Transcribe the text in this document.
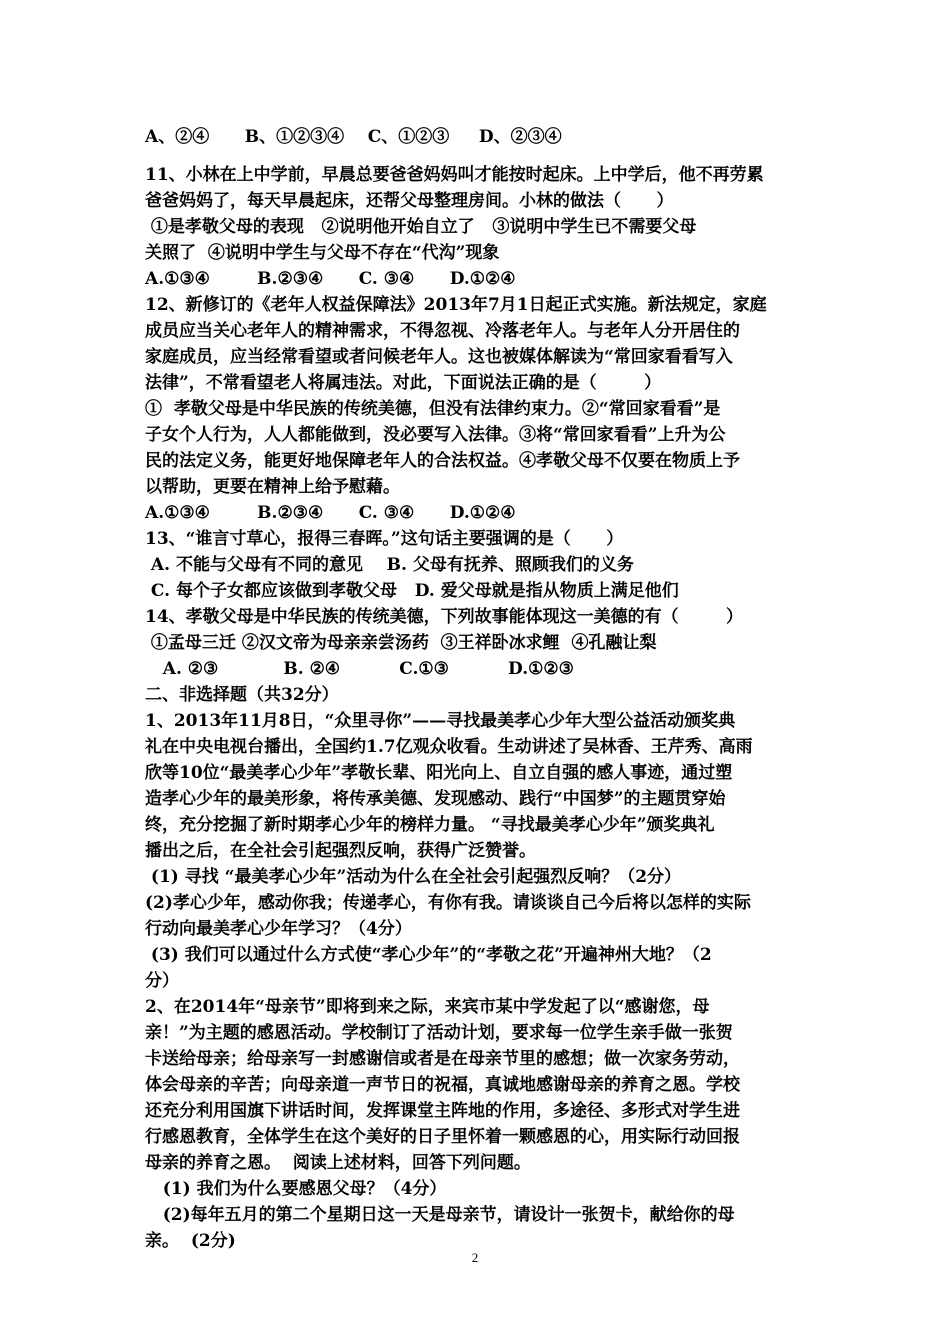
A、②④      B、①②③④    C、①②③     D、②③④
11、小林在上中学前，早晨总要爸爸妈妈叫才能按时起床。上中学后，他不再劳累
爸爸妈妈了，每天早晨起床，还帮父母整理房间。小林的做法（      ）
①是孝敬父母的表现   ②说明他开始自立了   ③说明中学生已不需要父母
关照了  ④说明中学生与父母不存在“代沟”现象
A.①③④        B.②③④      C. ③④      D.①②④
12、新修订的《老年人权益保障法》2013年7月1日起正式实施。新法规定，家庭
成员应当关心老年人的精神需求，不得忽视、冷落老年人。与老年人分开居住的
家庭成员，应当经常看望或者问候老年人。这也被媒体解读为“常回家看看写入
法律”，不常看望老人将属违法。对此，下面说法正确的是（        ）
①  孝敬父母是中华民族的传统美德，但没有法律约束力。②“常回家看看”是
子女个人行为，人人都能做到，没必要写入法律。③将“常回家看看”上升为公
民的法定义务，能更好地保障老年人的合法权益。④孝敬父母不仅要在物质上予
以帮助，更要在精神上给予慰藉。
A.①③④        B.②③④      C. ③④      D.①②④
13、“谁言寸草心，报得三春晖。”这句话主要强调的是（      ）
A. 不能与父母有不同的意见    B. 父母有抚养、照顾我们的义务
C. 每个子女都应该做到孝敬父母   D. 爱父母就是指从物质上满足他们
14、孝敬父母是中华民族的传统美德，下列故事能体现这一美德的有（        ）
①孟母三迁 ②汉文帝为母亲亲尝汤药  ③王祥卧冰求鲤  ④孔融让梨
A. ②③           B. ②④          C.①③          D.①②③
二、非选择题（共32分）
1、2013年11月8日，“众里寻你”——寻找最美孝心少年大型公益活动颁奖典
礼在中央电视台播出，全国约1.7亿观众收看。生动讲述了吴林香、王芹秀、高雨
欣等10位“最美孝心少年”孝敬长辈、阳光向上、自立自强的感人事迹，通过塑
造孝心少年的最美形象，将传承美德、发现感动、践行“中国梦”的主题贯穿始
终，充分挖掘了新时期孝心少年的榜样力量。 “寻找最美孝心少年”颁奖典礼
播出之后，在全社会引起强烈反响，获得广泛赞誉。
(1) 寻找 “最美孝心少年”活动为什么在全社会引起强烈反响？（2分）
(2)孝心少年，感动你我；传递孝心，有你有我。请谈谈自己今后将以怎样的实际
行动向最美孝心少年学习？（4分）
(3) 我们可以通过什么方式使“孝心少年”的“孝敬之花”开遍神州大地？（2
分）
2、在2014年“母亲节”即将到来之际，来宾市某中学发起了以“感谢您，母
亲！”为主题的感恩活动。学校制订了活动计划，要求每一位学生亲手做一张贺
卡送给母亲；给母亲写一封感谢信或者是在母亲节里的感想；做一次家务劳动，
体会母亲的辛苦；向母亲道一声节日的祝福，真诚地感谢母亲的养育之恩。学校
还充分利用国旗下讲话时间，发挥课堂主阵地的作用，多途径、多形式对学生进
行感恩教育，全体学生在这个美好的日子里怀着一颗感恩的心，用实际行动回报
母亲的养育之恩。  阅读上述材料，回答下列问题。
(1) 我们为什么要感恩父母？（4分）
(2)每年五月的第二个星期日这一天是母亲节，请设计一张贺卡，献给你的母
亲。  (2分)
2
